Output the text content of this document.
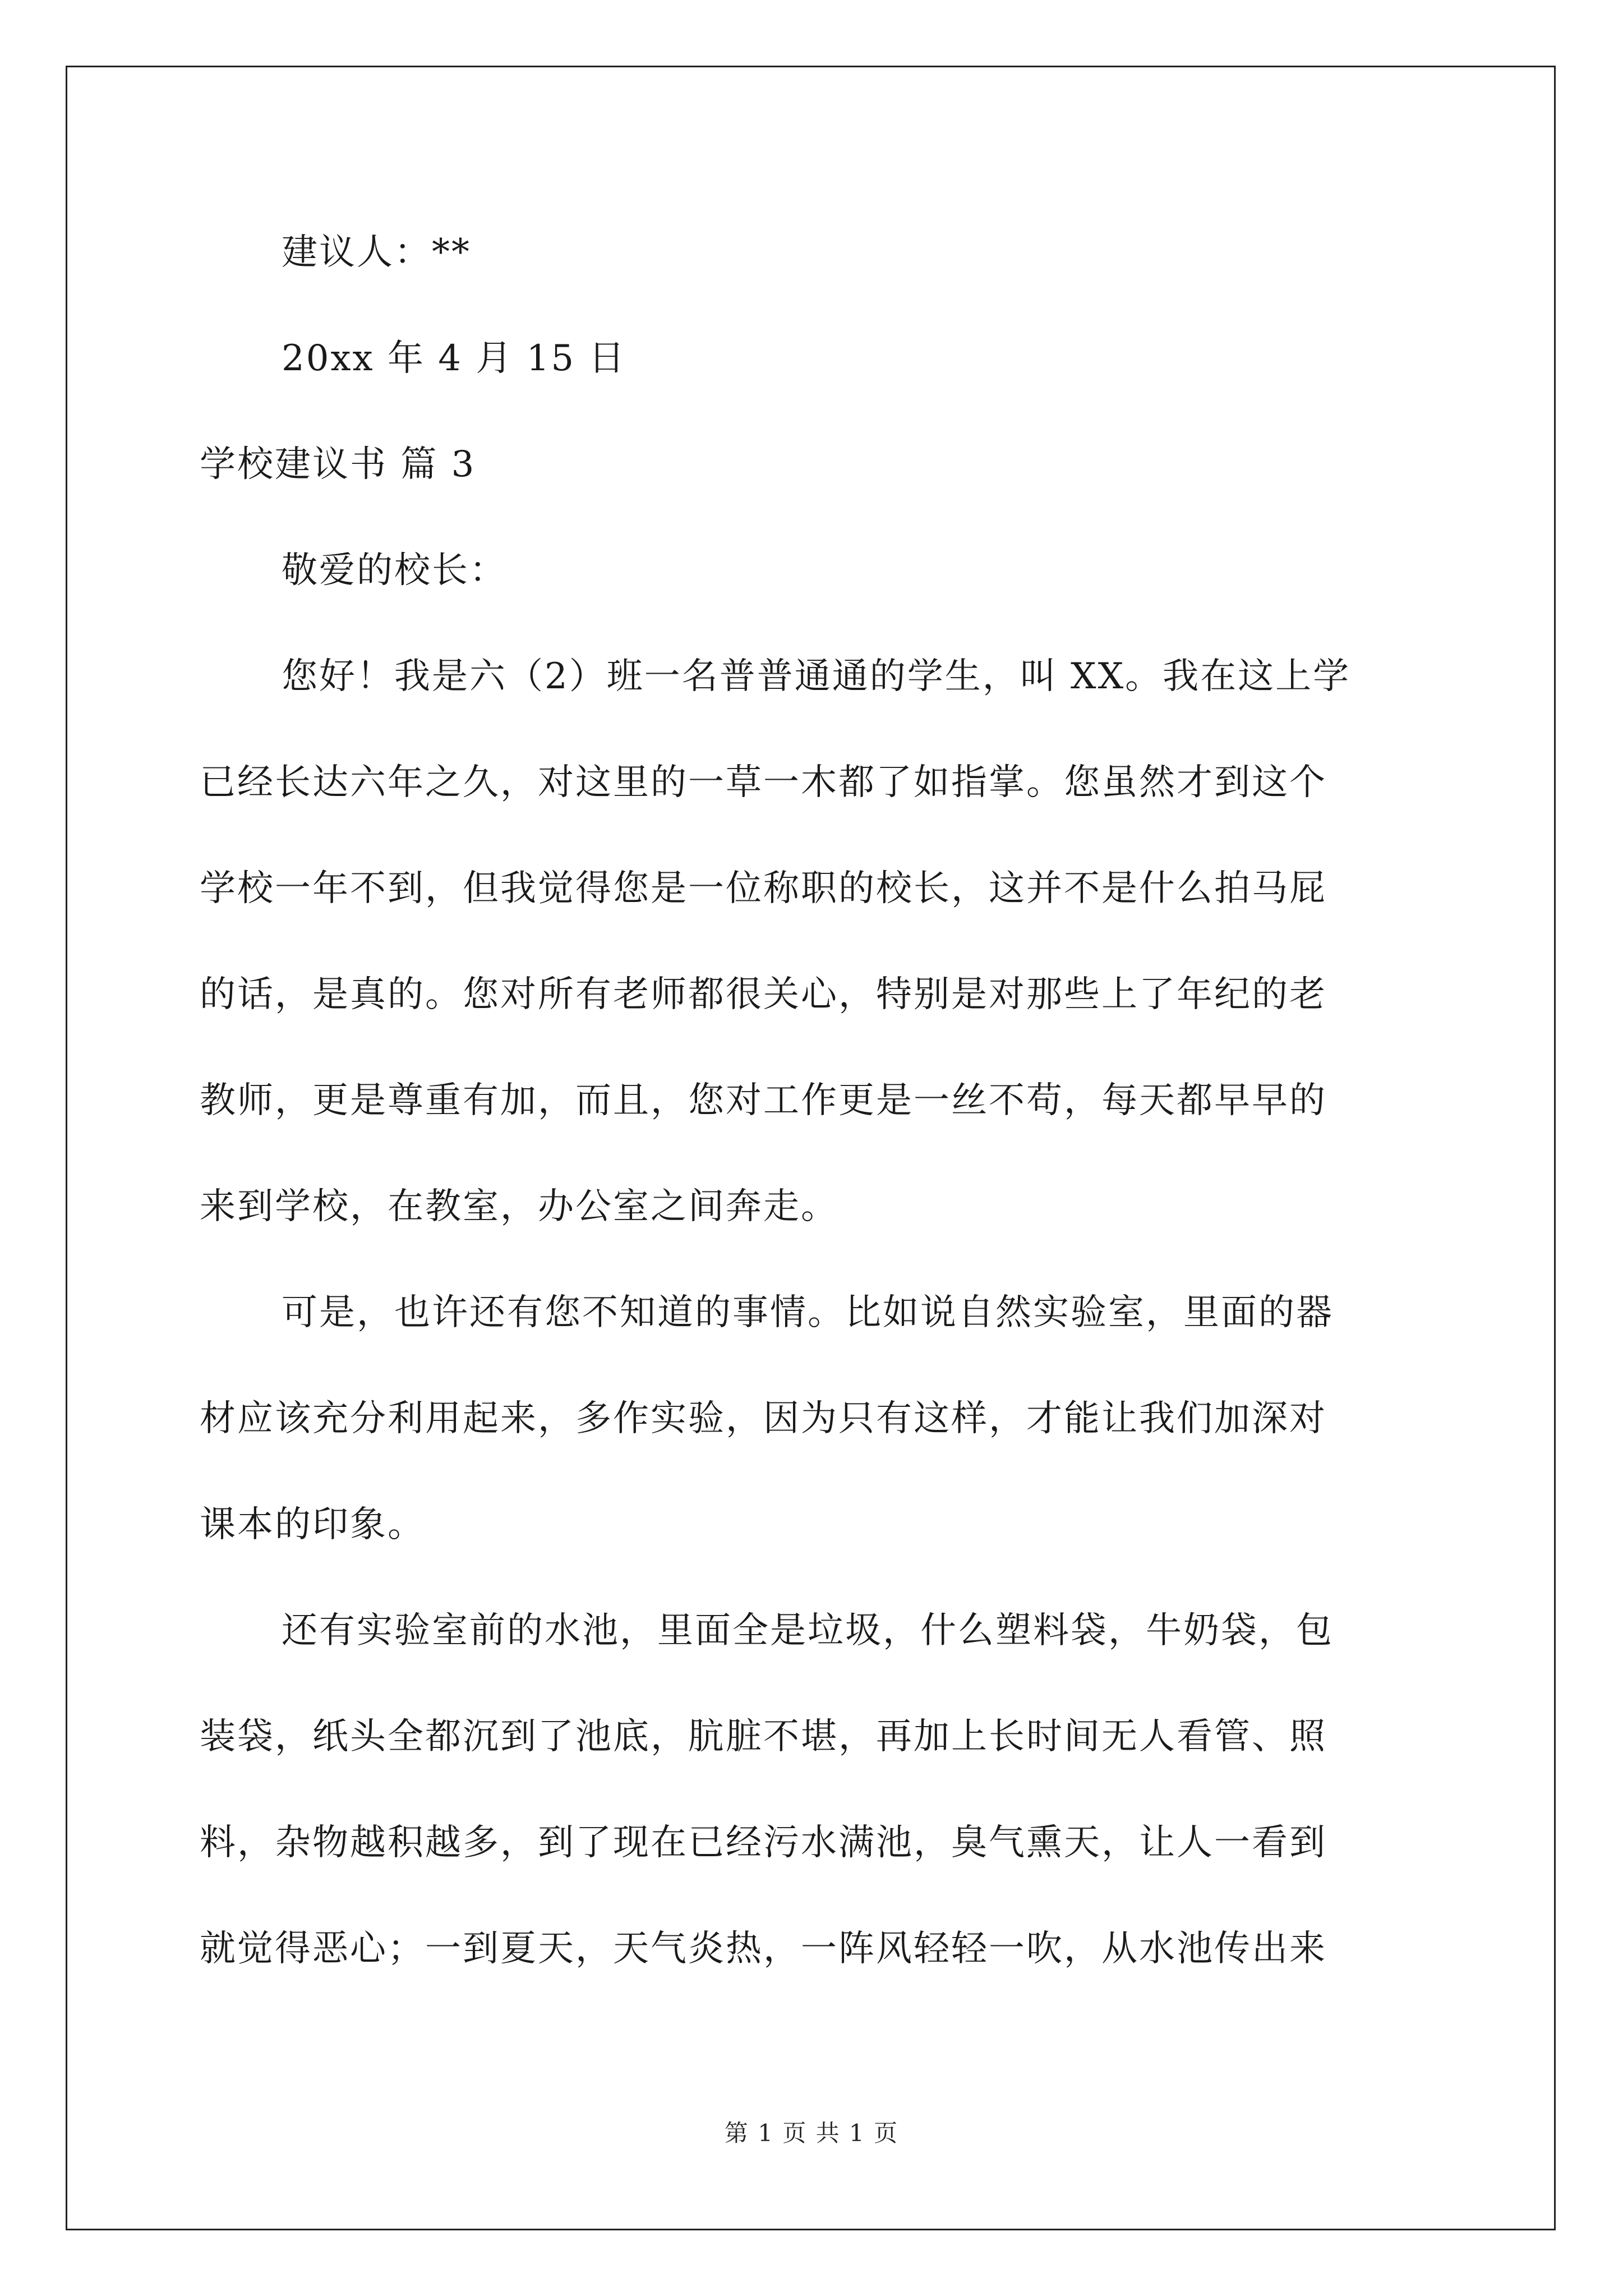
建议人：**
20xx 年 4 月 15 日
学校建议书 篇 3
敬爱的校长：
您好！我是六（2）班一名普普通通的学生，叫 XX。我在这上学
已经长达六年之久，对这里的一草一木都了如指掌。您虽然才到这个
学校一年不到，但我觉得您是一位称职的校长，这并不是什么拍马屁
的话，是真的。您对所有老师都很关心，特别是对那些上了年纪的老
教师，更是尊重有加，而且，您对工作更是一丝不苟，每天都早早的
来到学校，在教室，办公室之间奔走。
可是，也许还有您不知道的事情。比如说自然实验室，里面的器
材应该充分利用起来，多作实验，因为只有这样，才能让我们加深对
课本的印象。
还有实验室前的水池，里面全是垃圾，什么塑料袋，牛奶袋，包
装袋，纸头全都沉到了池底，肮脏不堪，再加上长时间无人看管、照
料，杂物越积越多，到了现在已经污水满池，臭气熏天，让人一看到
就觉得恶心；一到夏天，天气炎热，一阵风轻轻一吹，从水池传出来
第 1 页 共 1 页
